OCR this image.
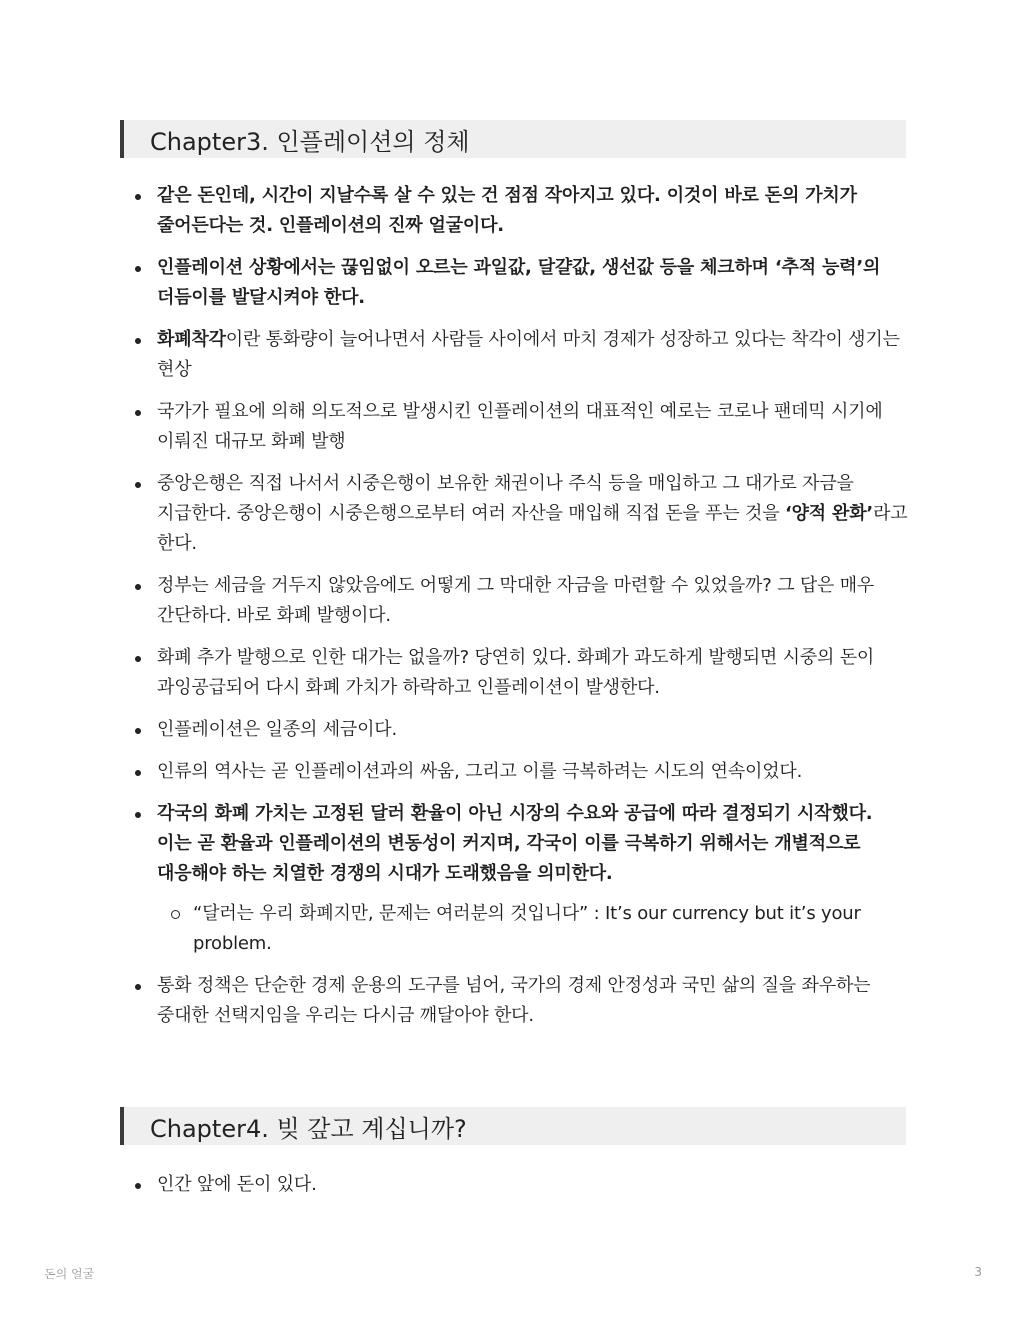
Chapter3. 인플레이션의 정체
같은 돈인데, 시간이 지날수록 살 수 있는 건 점점 작아지고 있다. 이것이 바로 돈의 가치가 줄어든다는 것. 인플레이션의 진짜 얼굴이다.
인플레이션 상황에서는 끊임없이 오르는 과일값, 달걀값, 생선값 등을 체크하며 ‘추적 능력’의 더듬이를 발달시켜야 한다.
화폐착각이란 통화량이 늘어나면서 사람들 사이에서 마치 경제가 성장하고 있다는 착각이 생기는 현상
국가가 필요에 의해 의도적으로 발생시킨 인플레이션의 대표적인 예로는 코로나 팬데믹 시기에 이뤄진 대규모 화폐 발행
중앙은행은 직접 나서서 시중은행이 보유한 채권이나 주식 등을 매입하고 그 대가로 자금을 지급한다. 중앙은행이 시중은행으로부터 여러 자산을 매입해 직접 돈을 푸는 것을 ‘양적 완화’라고 한다.
정부는 세금을 거두지 않았음에도 어떻게 그 막대한 자금을 마련할 수 있었을까? 그 답은 매우 간단하다. 바로 화폐 발행이다.
화폐 추가 발행으로 인한 대가는 없을까? 당연히 있다. 화폐가 과도하게 발행되면 시중의 돈이 과잉공급되어 다시 화폐 가치가 하락하고 인플레이션이 발생한다.
인플레이션은 일종의 세금이다.
인류의 역사는 곧 인플레이션과의 싸움, 그리고 이를 극복하려는 시도의 연속이었다.
각국의 화폐 가치는 고정된 달러 환율이 아닌 시장의 수요와 공급에 따라 결정되기 시작했다. 이는 곧 환율과 인플레이션의 변동성이 커지며, 각국이 이를 극복하기 위해서는 개별적으로 대응해야 하는 치열한 경쟁의 시대가 도래했음을 의미한다.
“달러는 우리 화폐지만, 문제는 여러분의 것입니다” : It’s our currency but it’s your problem.
통화 정책은 단순한 경제 운용의 도구를 넘어, 국가의 경제 안정성과 국민 삶의 질을 좌우하는 중대한 선택지임을 우리는 다시금 깨달아야 한다.
Chapter4. 빚 갚고 계십니까?
인간 앞에 돈이 있다.
돈의 얼굴	3
